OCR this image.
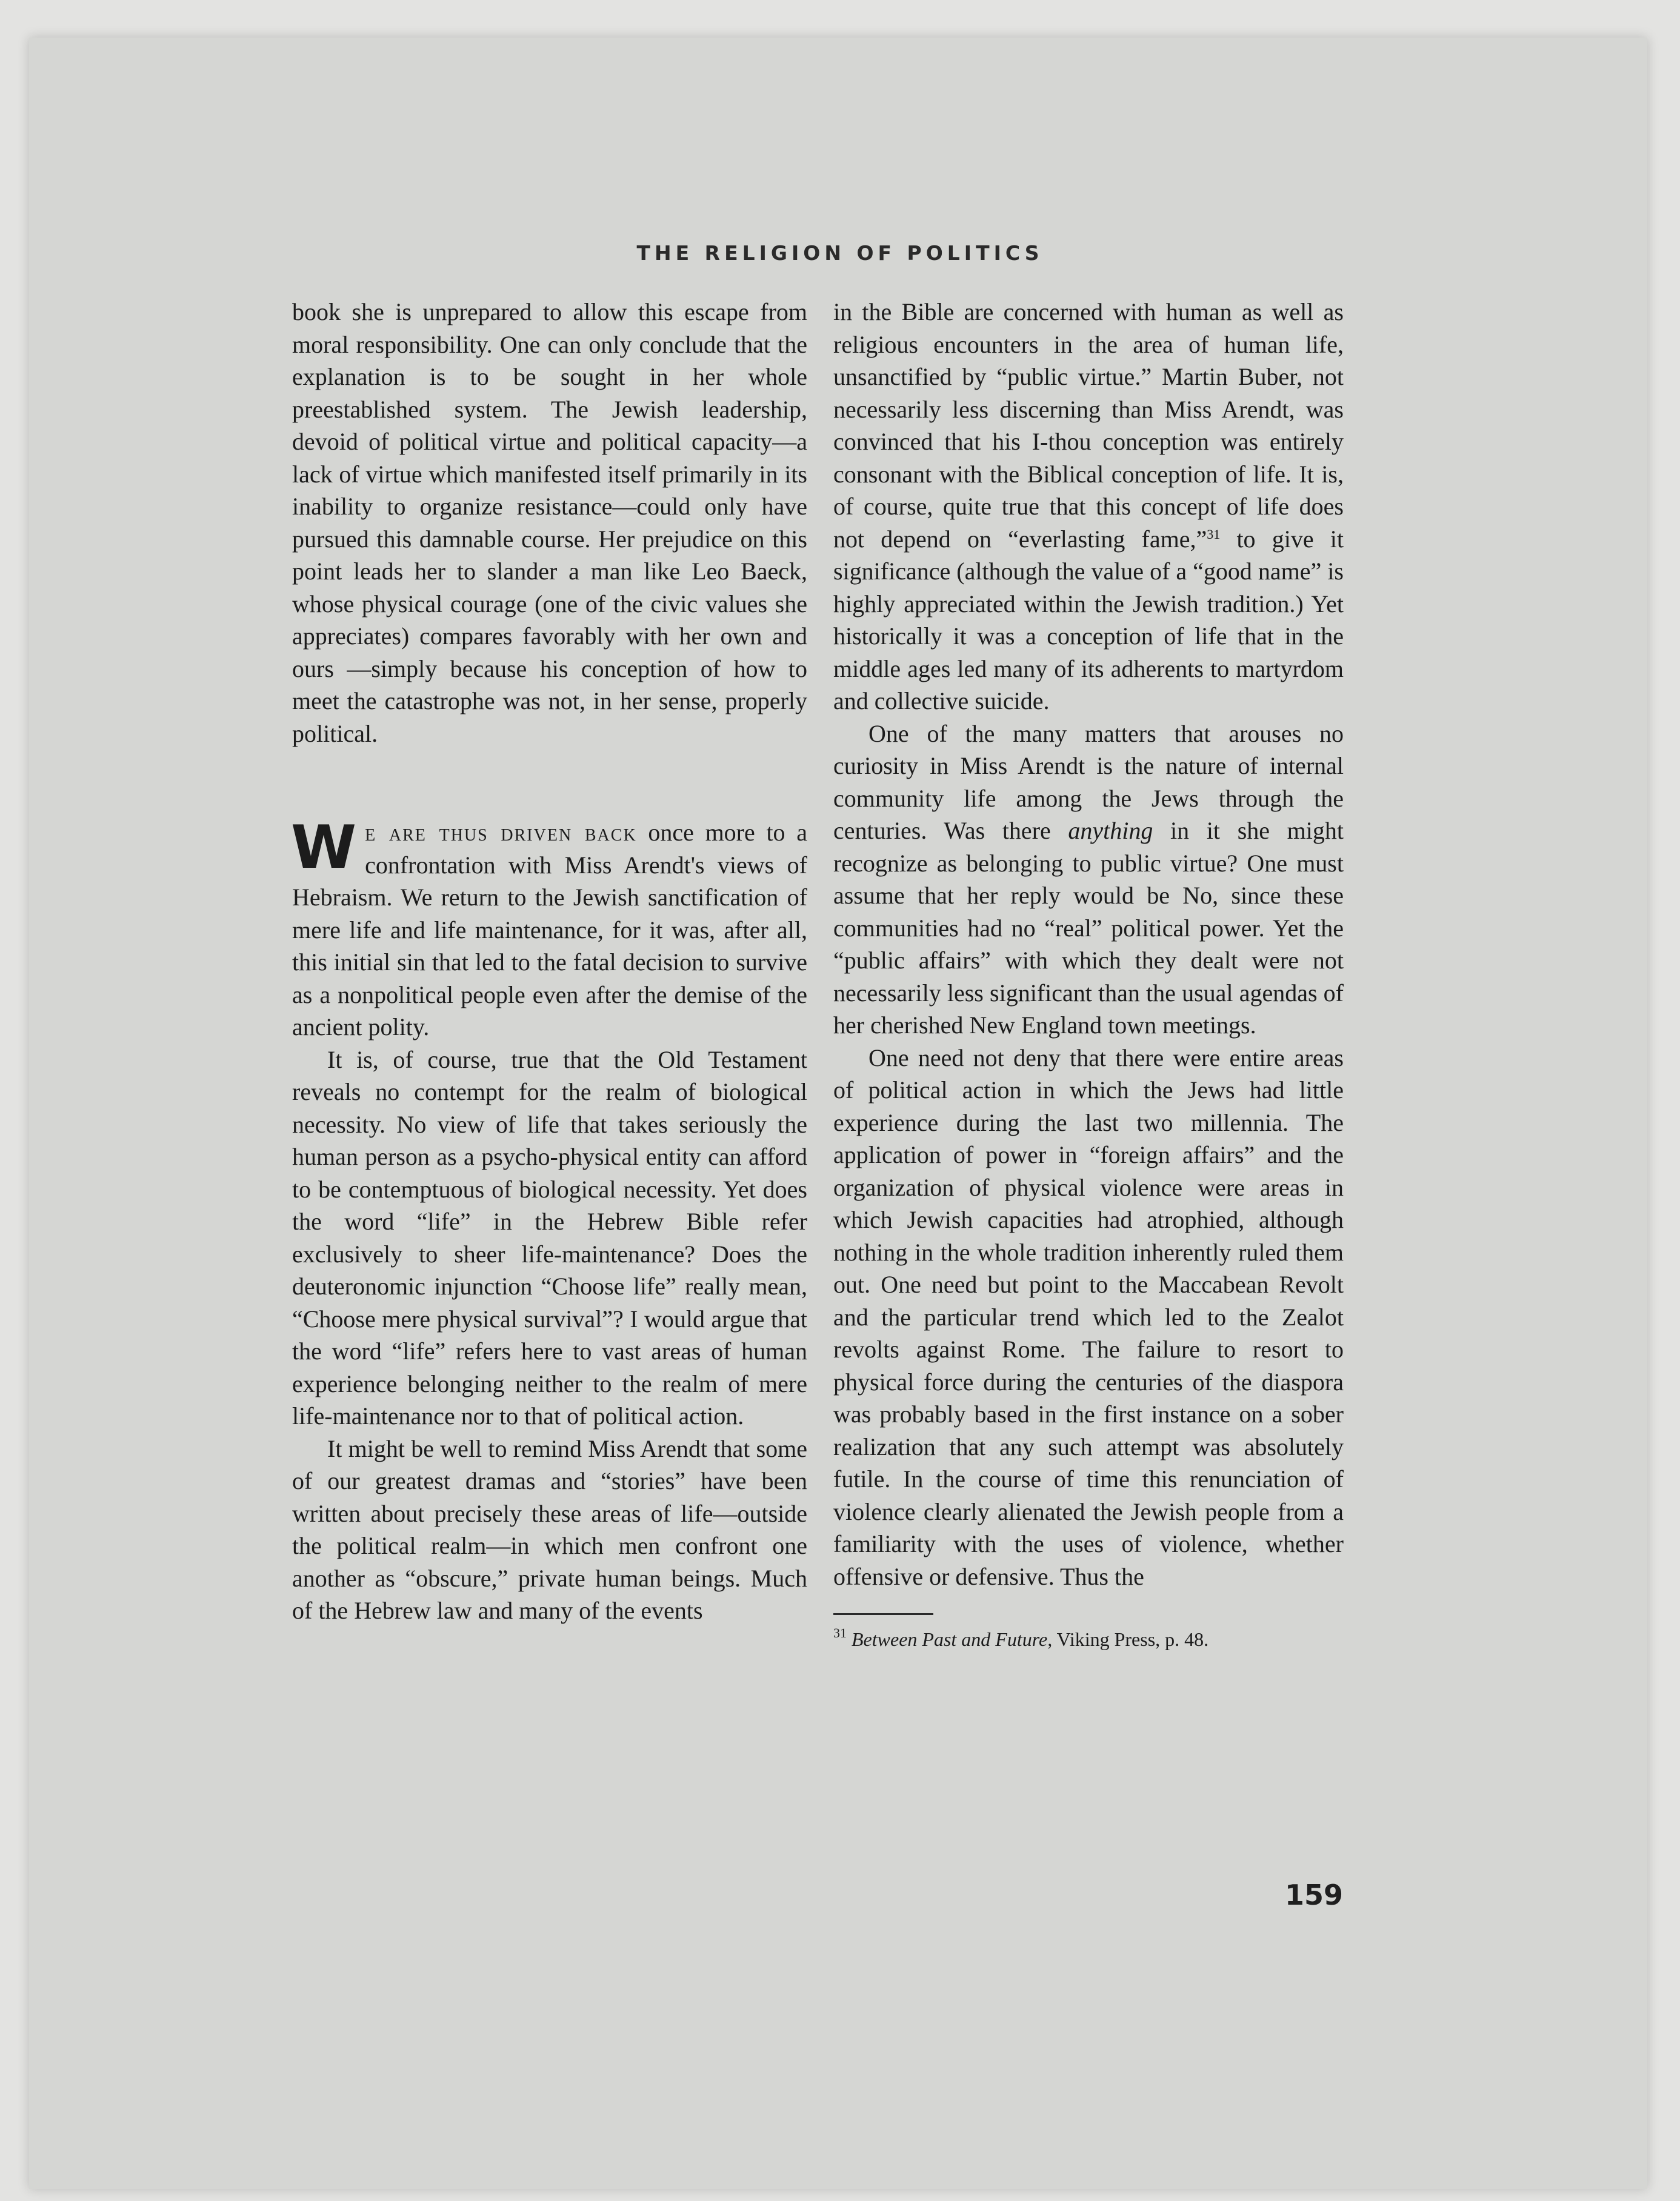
THE RELIGION OF POLITICS

book she is unprepared to allow this escape from moral responsibility. One can only conclude that the explanation is to be sought in her whole preestablished system. The Jewish leadership, devoid of political virtue and political capacity—a lack of virtue which manifested itself primarily in its inability to organize resistance—could only have pursued this damnable course. Her prejudice on this point leads her to slander a man like Leo Baeck, whose physical courage (one of the civic values she appreciates) compares favorably with her own and ours —simply because his conception of how to meet the catastrophe was not, in her sense, properly political.

We are thus driven back once more to a confrontation with Miss Arendt's views of Hebraism. We return to the Jewish sanctification of mere life and life maintenance, for it was, after all, this initial sin that led to the fatal decision to survive as a nonpolitical people even after the demise of the ancient polity.

It is, of course, true that the Old Testament reveals no contempt for the realm of biological necessity. No view of life that takes seriously the human person as a psycho-physical entity can afford to be contemptuous of biological necessity. Yet does the word “life” in the Hebrew Bible refer exclusively to sheer life-maintenance? Does the deuteronomic injunction “Choose life” really mean, “Choose mere physical survival”? I would argue that the word “life” refers here to vast areas of human experience belonging neither to the realm of mere life-maintenance nor to that of political action.

It might be well to remind Miss Arendt that some of our greatest dramas and “stories” have been written about precisely these areas of life—outside the political realm—in which men confront one another as “obscure,” private human beings. Much of the Hebrew law and many of the events

in the Bible are concerned with human as well as religious encounters in the area of human life, unsanctified by “public virtue.” Martin Buber, not necessarily less discerning than Miss Arendt, was convinced that his I-thou conception was entirely consonant with the Biblical conception of life. It is, of course, quite true that this concept of life does not depend on “everlasting fame,”$^{31}$ to give it significance (although the value of a “good name” is highly appreciated within the Jewish tradition.) Yet historically it was a conception of life that in the middle ages led many of its adherents to martyrdom and collective suicide.

One of the many matters that arouses no curiosity in Miss Arendt is the nature of internal community life among the Jews through the centuries. Was there anything in it she might recognize as belonging to public virtue? One must assume that her reply would be No, since these communities had no “real” political power. Yet the “public affairs” with which they dealt were not necessarily less significant than the usual agendas of her cherished New England town meetings.

One need not deny that there were entire areas of political action in which the Jews had little experience during the last two millennia. The application of power in “foreign affairs” and the organization of physical violence were areas in which Jewish capacities had atrophied, although nothing in the whole tradition inherently ruled them out. One need but point to the Maccabean Revolt and the particular trend which led to the Zealot revolts against Rome. The failure to resort to physical force during the centuries of the diaspora was probably based in the first instance on a sober realization that any such attempt was absolutely futile. In the course of time this renunciation of violence clearly alienated the Jewish people from a familiarity with the uses of violence, whether offensive or defensive. Thus the

$^{31}$ Between Past and Future, Viking Press, p. 48.

159
